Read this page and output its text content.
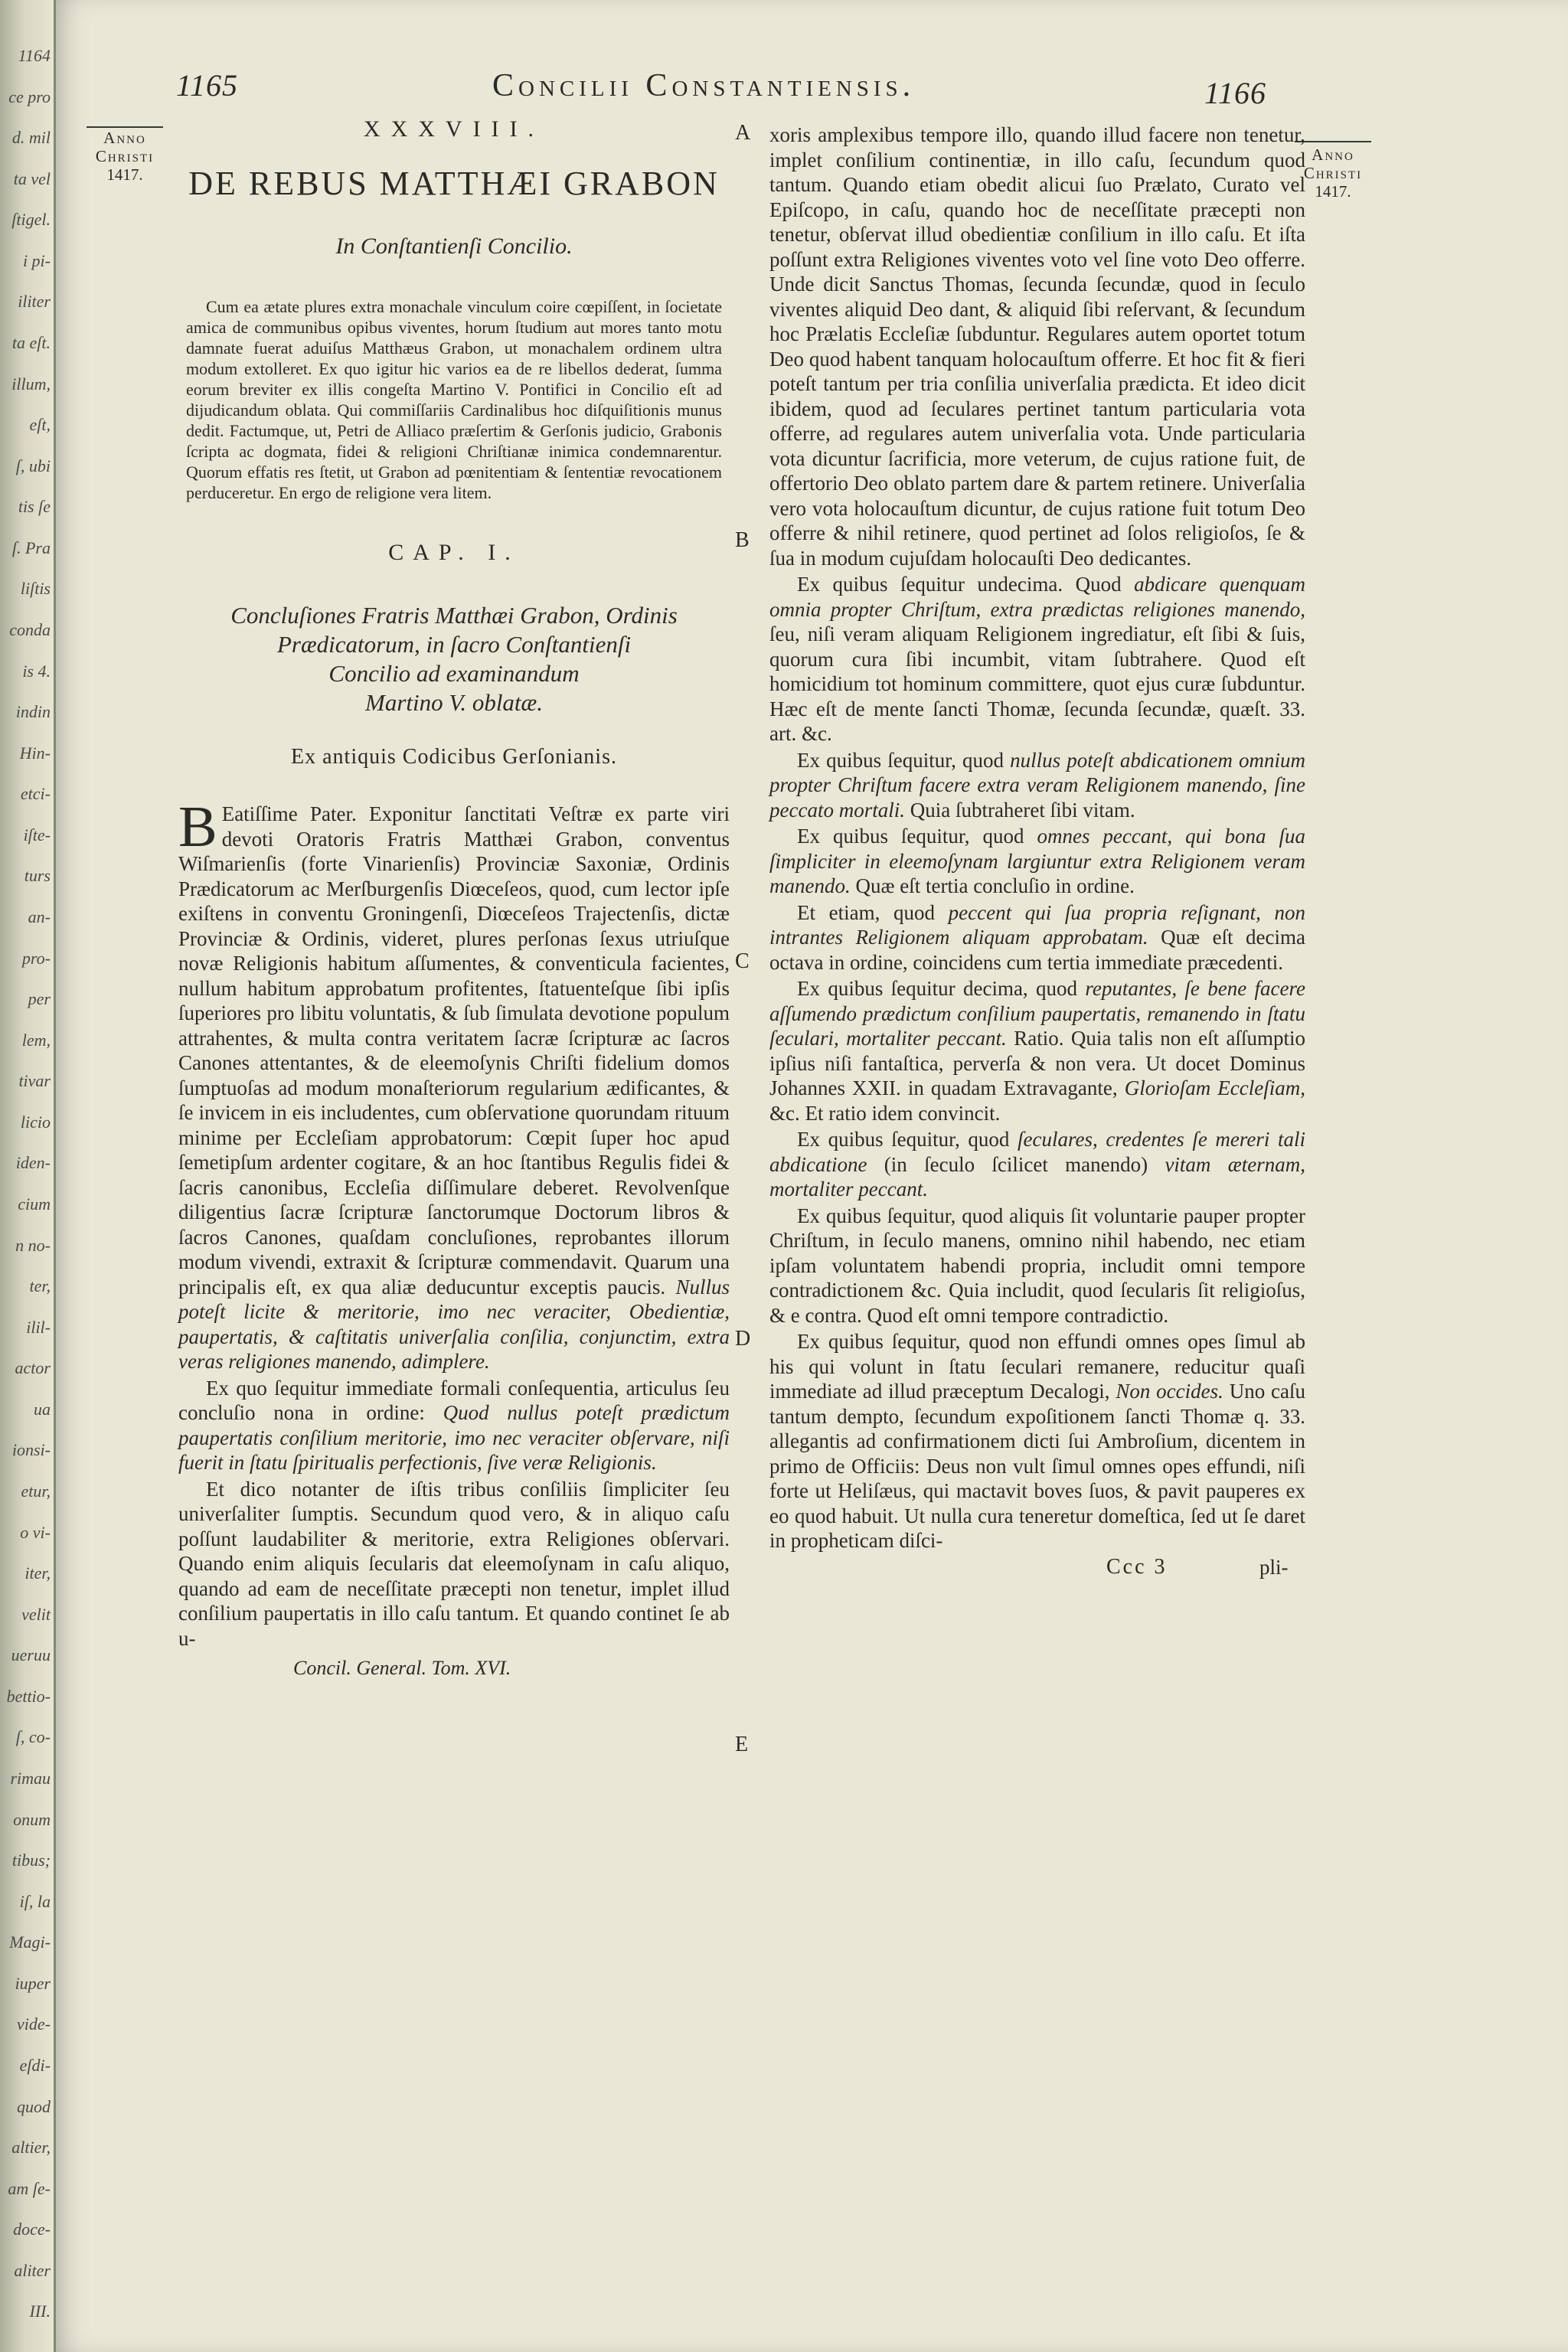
1164
ce pro
d. mil
ta vel
ſtigel.
i pi-
iliter
ta eſt.
illum,
eſt,
ſ, ubi
tis ſe
ſ. Pra
liſtis
conda
is 4.
indin
Hin-
etci-
iſte-
turs
an-
pro-
per
lem,
tivar
licio
iden-
cium
n no-
ter,
ilil-
actor
ua
ionsi-
etur,
o vi-
iter,
velit
ueruu
bettio-
ſ, co-
rimau
onum
tibus;
iſ, la
Magi-
iuper
vide-
eſdi-
quod
altier,
am ſe-
doce-
aliter
III.
1165	Concilii Constantiensis.	1166
Anno
Christi
1417.
Anno
Christi
1417.
A
B
C
D
E
XXXVIII.
DE REBUS MATTHÆI GRABON
In Conſtantienſi Concilio.
Cum ea ætate plures extra monachale vinculum coire cœpiſſent, in ſocietate amica de communibus opibus viventes, horum ſtudium aut mores tanto motu damnate fuerat aduiſus Matthæus Grabon, ut monachalem ordinem ultra modum extolleret. Ex quo igitur hic varios ea de re libellos dederat, ſumma eorum breviter ex illis congeſta Martino V. Pontifici in Concilio eſt ad dijudicandum oblata. Qui commiſſariis Cardinalibus hoc diſquiſitionis munus dedit. Factumque, ut, Petri de Alliaco præſertim & Gerſonis judicio, Grabonis ſcripta ac dogmata, fidei & religioni Chriſtianæ inimica condemnarentur. Quorum effatis res ſtetit, ut Grabon ad pœnitentiam & ſententiæ revocationem perduceretur. En ergo de religione vera litem.
CAP. I.
Concluſiones Fratris Matthæi Grabon, Ordinis
Prædicatorum, in ſacro Conſtantienſi
Concilio ad examinandum
Martino V. oblatæ.
Ex antiquis Codicibus Gerſonianis.

B Eatiſſime Pater. Exponitur ſanctitati Veſtræ ex parte viri devoti Oratoris Fratris Matthæi Grabon, conventus Wiſmarienſis (forte Vinarienſis) Provinciæ Saxoniæ, Ordinis Prædicatorum ac Merſburgenſis Diœceſeos, quod, cum lector ipſe exiſtens in conventu Groningenſi, Diœceſeos Trajectenſis, dictæ Provinciæ & Ordinis, videret, plures perſonas ſexus utriuſque novæ Religionis habitum aſſumentes, & conventicula facientes, nullum habitum approbatum profitentes, ſtatuenteſque ſibi ipſis ſuperiores pro libitu voluntatis, & ſub ſimulata devotione populum attrahentes, & multa contra veritatem ſacræ ſcripturæ ac ſacros Canones attentantes, & de eleemoſynis Chriſti fidelium domos ſumptuoſas ad modum monaſteriorum regularium ædificantes, & ſe invicem in eis includentes, cum obſervatione quorundam rituum minime per Eccleſiam approbatorum: Cœpit ſuper hoc apud ſemetipſum ardenter cogitare, & an hoc ſtantibus Regulis fidei & ſacris canonibus, Eccleſia diſſimulare deberet. Revolvenſque diligentius ſacræ ſcripturæ ſanctorumque Doctorum libros & ſacros Canones, quaſdam concluſiones, reprobantes illorum modum vivendi, extraxit & ſcripturæ commendavit. Quarum una principalis eſt, ex qua aliæ deducuntur exceptis paucis. Nullus poteſt licite & meritorie, imo nec veraciter, Obedientiæ, paupertatis, & caſtitatis univerſalia conſilia, conjunctim, extra veras religiones manendo, adimplere.

Ex quo ſequitur immediate formali conſequentia, articulus ſeu concluſio nona in ordine: Quod nullus poteſt prædictum paupertatis conſilium meritorie, imo nec veraciter obſervare, niſi fuerit in ſtatu ſpiritualis perfectionis, ſive veræ Religionis.

Et dico notanter de iſtis tribus conſiliis ſimpliciter ſeu univerſaliter ſumptis. Secundum quod vero, & in aliquo caſu poſſunt laudabiliter & meritorie, extra Religiones obſervari. Quando enim aliquis ſecularis dat eleemoſynam in caſu aliquo, quando ad eam de neceſſitate præcepti non tenetur, implet illud conſilium paupertatis in illo caſu tantum. Et quando continet ſe ab u-

Concil. General. Tom. XVI.

xoris amplexibus tempore illo, quando illud facere non tenetur, implet conſilium continentiæ, in illo caſu, ſecundum quod tantum. Quando etiam obedit alicui ſuo Prælato, Curato vel Epiſcopo, in caſu, quando hoc de neceſſitate præcepti non tenetur, obſervat illud obedientiæ conſilium in illo caſu. Et iſta poſſunt extra Religiones viventes voto vel ſine voto Deo offerre. Unde dicit Sanctus Thomas, ſecunda ſecundæ, quod in ſeculo viventes aliquid Deo dant, & aliquid ſibi reſervant, & ſecundum hoc Prælatis Eccleſiæ ſubduntur. Regulares autem oportet totum Deo quod habent tanquam holocauſtum offerre. Et hoc fit & fieri poteſt tantum per tria conſilia univerſalia prædicta. Et ideo dicit ibidem, quod ad ſeculares pertinet tantum particularia vota offerre, ad regulares autem univerſalia vota. Unde particularia vota dicuntur ſacrificia, more veterum, de cujus ratione fuit, de offertorio Deo oblato partem dare & partem retinere. Univerſalia vero vota holocauſtum dicuntur, de cujus ratione fuit totum Deo offerre & nihil retinere, quod pertinet ad ſolos religioſos, ſe & ſua in modum cujuſdam holocauſti Deo dedicantes.

Ex quibus ſequitur undecima. Quod abdicare quenquam omnia propter Chriſtum, extra prædictas religiones manendo, ſeu, niſi veram aliquam Religionem ingrediatur, eſt ſibi & ſuis, quorum cura ſibi incumbit, vitam ſubtrahere. Quod eſt homicidium tot hominum committere, quot ejus curæ ſubduntur. Hæc eſt de mente ſancti Thomæ, ſecunda ſecundæ, quæſt. 33. art. &c.

Ex quibus ſequitur, quod nullus poteſt abdicationem omnium propter Chriſtum facere extra veram Religionem manendo, ſine peccato mortali. Quia ſubtraheret ſibi vitam.

Ex quibus ſequitur, quod omnes peccant, qui bona ſua ſimpliciter in eleemoſynam largiuntur extra Religionem veram manendo. Quæ eſt tertia concluſio in ordine.

Et etiam, quod peccent qui ſua propria reſignant, non intrantes Religionem aliquam approbatam. Quæ eſt decima octava in ordine, coincidens cum tertia immediate præcedenti.

Ex quibus ſequitur decima, quod reputantes, ſe bene facere aſſumendo prædictum conſilium paupertatis, remanendo in ſtatu ſeculari, mortaliter peccant. Ratio. Quia talis non eſt aſſumptio ipſius niſi fantaſtica, perverſa & non vera. Ut docet Dominus Johannes XXII. in quadam Extravagante, Glorioſam Eccleſiam, &c. Et ratio idem convincit.

Ex quibus ſequitur, quod ſeculares, credentes ſe mereri tali abdicatione (in ſeculo ſcilicet manendo) vitam æternam, mortaliter peccant.

Ex quibus ſequitur, quod aliquis ſit voluntarie pauper propter Chriſtum, in ſeculo manens, omnino nihil habendo, nec etiam ipſam voluntatem habendi propria, includit omni tempore contradictionem &c. Quia includit, quod ſecularis ſit religioſus, & e contra. Quod eſt omni tempore contradictio.

Ex quibus ſequitur, quod non effundi omnes opes ſimul ab his qui volunt in ſtatu ſeculari remanere, reducitur quaſi immediate ad illud præceptum Decalogi, Non occides. Uno caſu tantum dempto, ſecundum expoſitionem ſancti Thomæ q. 33. allegantis ad confirmationem dicti ſui Ambroſium, dicentem in primo de Officiis: Deus non vult ſimul omnes opes effundi, niſi forte ut Heliſæus, qui mactavit boves ſuos, & pavit pauperes ex eo quod habuit. Ut nulla cura teneretur domeſtica, ſed ut ſe daret in propheticam diſci-

Ccc 3	pli-
